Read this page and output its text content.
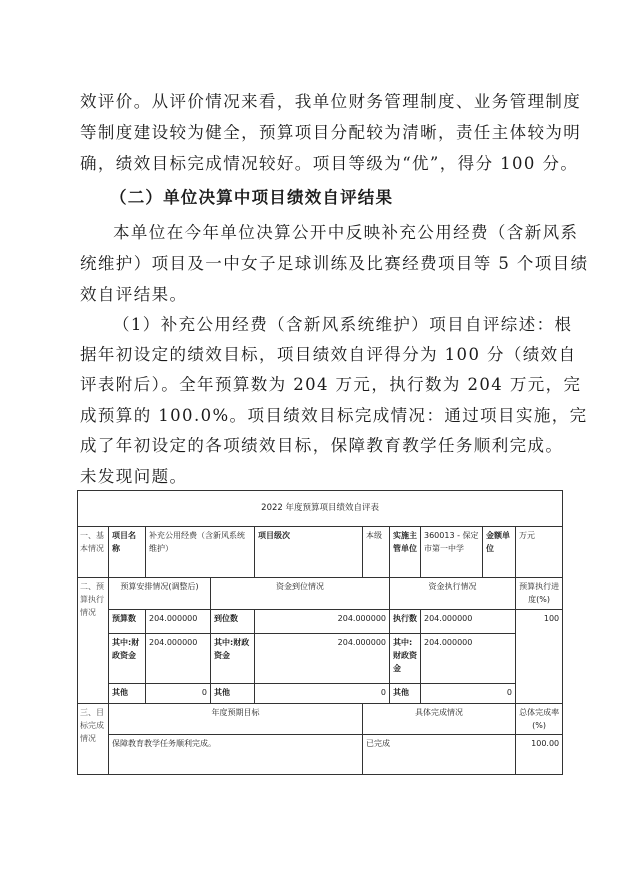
效评价。从评价情况来看，我单位财务管理制度、业务管理制度
等制度建设较为健全，预算项目分配较为清晰，责任主体较为明
确，绩效目标完成情况较好。项目等级为“优”，得分 100 分。
（二）单位决算中项目绩效自评结果
本单位在今年单位决算公开中反映补充公用经费（含新风系
统维护）项目及一中女子足球训练及比赛经费项目等 5 个项目绩
效自评结果。
（1）补充公用经费（含新风系统维护）项目自评综述：根
据年初设定的绩效目标，项目绩效自评得分为 100 分（绩效自
评表附后）。全年预算数为 204 万元，执行数为 204 万元，完
成预算的 100.0%。项目绩效目标完成情况：通过项目实施，完
成了年初设定的各项绩效目标，保障教育教学任务顺利完成。
未发现问题。
2022 年度预算项目绩效自评表									
一、基本情况	项目名称	补充公用经费（含新风系统维护）		项目级次	本级	实施主管单位	360013 - 保定市第一中学	金额单位	万元
二、预算执行情况	预算安排情况(调整后)		资金到位情况			资金执行情况			预算执行进度(%)
	预算数	204.000000	到位数	204.000000		执行数	204.000000		100
	其中:财政资金	204.000000	其中:财政资金	204.000000		其中:财政资金	204.000000		
	其他	0	其他	0		其他	0		
三、目标完成情况	年度预期目标				具体完成情况				总体完成率(%)
	保障教育教学任务顺利完成。				已完成				100.00
